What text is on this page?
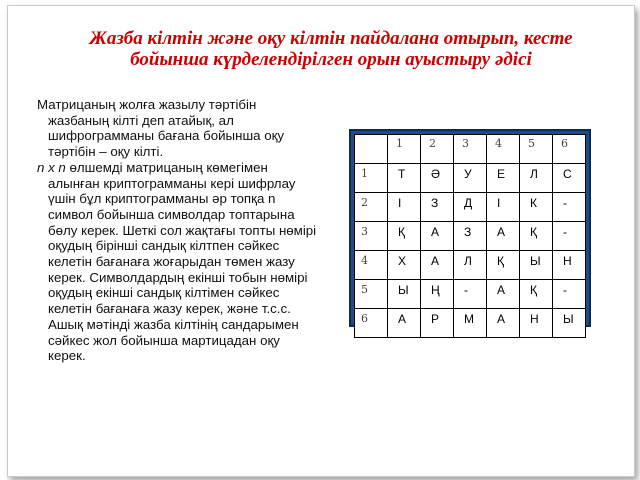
Жазба кілтін және оқу кілтін пайдалана отырып, кесте бойынша күрделендірілген орын ауыстыру әдісі
Матрицаның жолға жазылу тәртібін жазбаның кілті деп атайық, ал шифрограмманы бағана бойынша оқу тәртібін – оқу кілті.
n х n өлшемді матрицаның көмегімен алынған криптограмманы кері шифрлау үшін бұл криптограмманы әр топқа n символ бойынша символдар топтарына бөлу керек. Шеткі сол жақтағы топты нөмірі оқудың бірінші сандық кілтпен сәйкес келетін бағанаға жоғарыдан төмен жазу керек. Символдардың екінші тобын нөмірі оқудың екінші сандық кілтімен сәйкес келетін бағанаға жазу керек, және т.с.с. Ашық мәтінді жазба кілтінің сандарымен сәйкес жол бойынша мартицадан оқу керек.

	1	2	3	4	5	6

1	Т	Ә	У	Е	Л	С

2	І	З	Д	І	К	-

3	Қ	А	З	А	Қ	-

4	Х	А	Л	Қ	Ы	Н

5	Ы	Ң	-	А	Қ	-

6	А	Р	М	А	Н	Ы
